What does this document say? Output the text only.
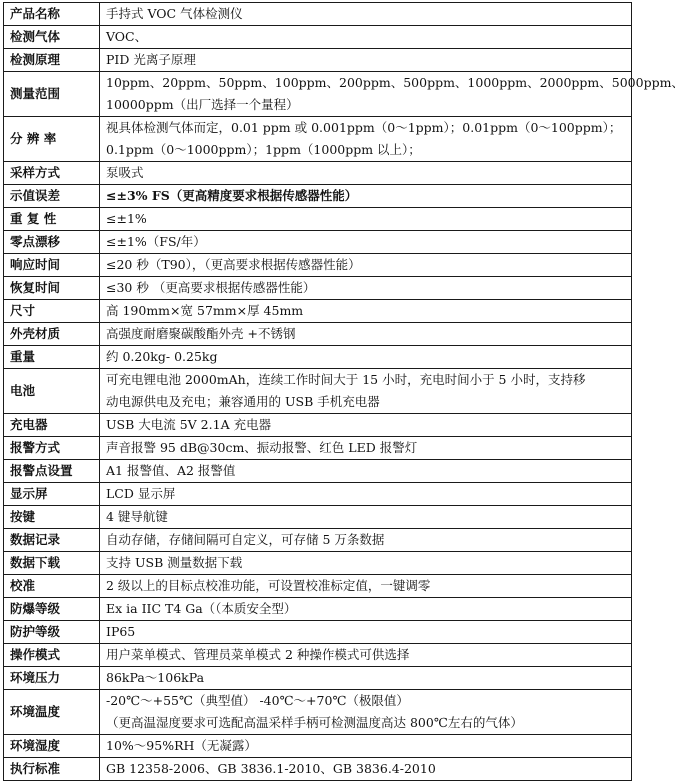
产品名称	手持式 VOC 气体检测仪

检测气体	VOC、

检测原理	PID 光离子原理

测量范围	10ppm、20ppm、50ppm、100ppm、200ppm、500ppm、1000ppm、2000ppm、5000ppm、
10000ppm（出厂选择一个量程）

分 辨 率	视具体检测气体而定，0.01 ppm 或 0.001ppm（0～1ppm）；0.01ppm（0～100ppm）；
0.1ppm（0～1000ppm）；1ppm（1000ppm 以上）；

采样方式	泵吸式

示值误差	≤±3% FS（更高精度要求根据传感器性能）

重 复 性	≤±1%

零点漂移	≤±1%（FS/年）

响应时间	≤20 秒（T90），（更高要求根据传感器性能）

恢复时间	≤30 秒 （更高要求根据传感器性能）

尺寸	高 190mm×宽 57mm×厚 45mm

外壳材质	高强度耐磨聚碳酸酯外壳 +不锈钢

重量	约 0.20kg- 0.25kg

电池	可充电锂电池 2000mAh，连续工作时间大于 15 小时，充电时间小于 5 小时，支持移
动电源供电及充电；兼容通用的 USB 手机充电器

充电器	USB 大电流 5V 2.1A 充电器

报警方式	声音报警 95 dB@30cm、振动报警、红色 LED 报警灯

报警点设置	A1 报警值、A2 报警值

显示屏	LCD 显示屏

按键	4 键导航键

数据记录	自动存储，存储间隔可自定义，可存储 5 万条数据

数据下载	支持 USB 测量数据下载

校准	2 级以上的目标点校准功能，可设置校准标定值，一键调零

防爆等级	Ex ia IIC T4 Ga（（本质安全型）

防护等级	IP65

操作模式	用户菜单模式、管理员菜单模式 2 种操作模式可供选择

环境压力	86kPa～106kPa

环境温度	-20℃～+55℃（典型值） -40℃～+70℃（极限值）
（更高温湿度要求可选配高温采样手柄可检测温度高达 800℃左右的气体）

环境湿度	10%～95%RH（无凝露）

执行标准	GB 12358-2006、GB 3836.1-2010、GB 3836.4-2010
